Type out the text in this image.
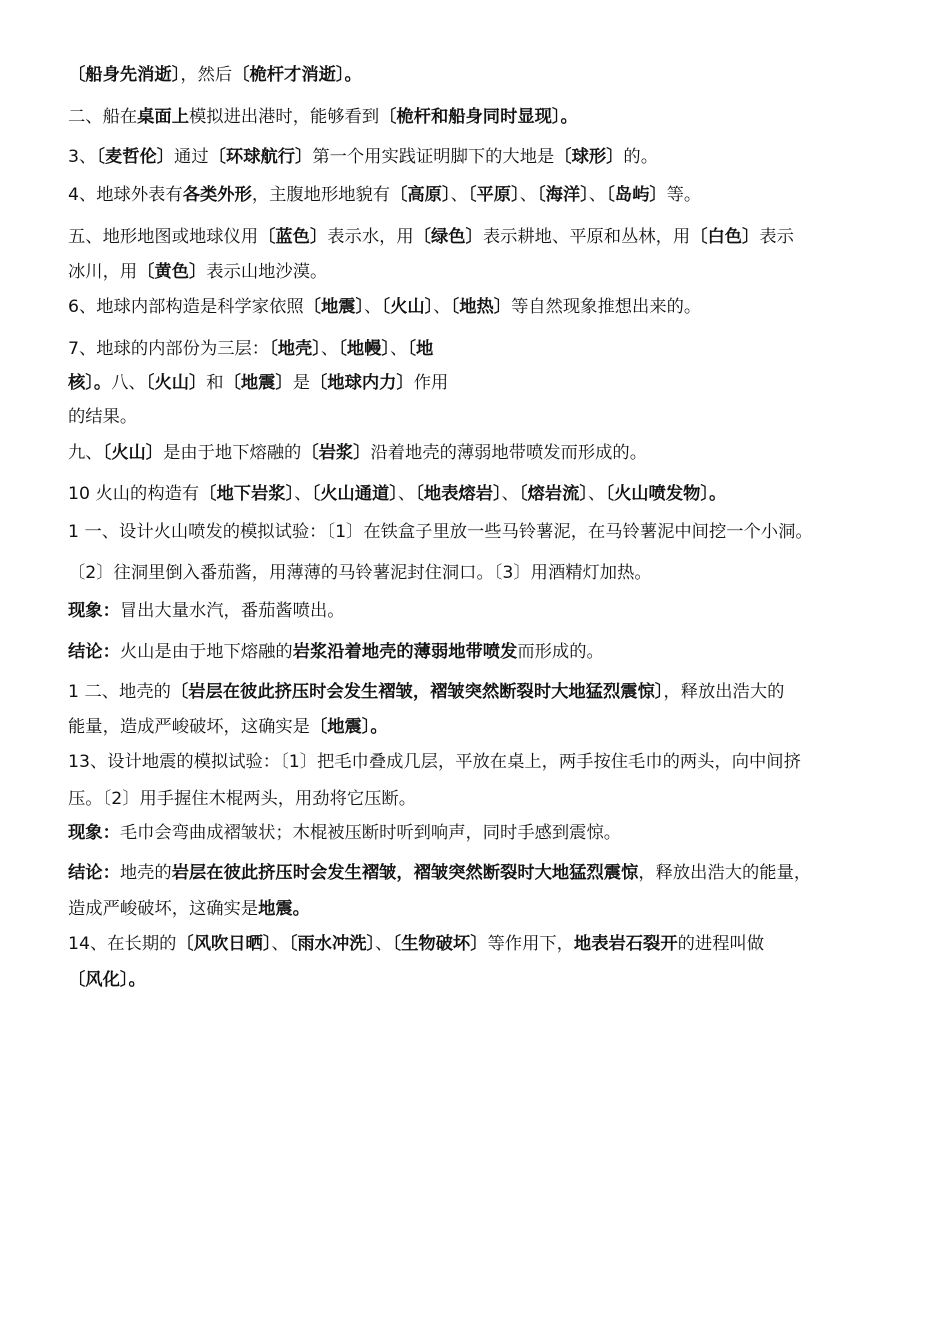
〔船身先消逝〕，然后〔桅杆才消逝〕。
二、船在桌面上模拟进出港时，能够看到〔桅杆和船身同时显现〕。
3、〔麦哲伦〕通过〔环球航行〕第一个用实践证明脚下的大地是〔球形〕的。
4、地球外表有各类外形，主腹地形地貌有〔高原〕、〔平原〕、〔海洋〕、〔岛屿〕等。
五、地形地图或地球仪用〔蓝色〕表示水，用〔绿色〕表示耕地、平原和丛林，用〔白色〕表示
冰川，用〔黄色〕表示山地沙漠。
6、地球内部构造是科学家依照〔地震〕、〔火山〕、〔地热〕等自然现象推想出来的。
7、地球的内部份为三层：〔地壳〕、〔地幔〕、〔地
核〕。八、〔火山〕和〔地震〕是〔地球内力〕作用
的结果。
九、〔火山〕是由于地下熔融的〔岩浆〕沿着地壳的薄弱地带喷发而形成的。
10 火山的构造有〔地下岩浆〕、〔火山通道〕、〔地表熔岩〕、〔熔岩流〕、〔火山喷发物〕。
1 一、设计火山喷发的模拟试验：〔1〕在铁盒子里放一些马铃薯泥，在马铃薯泥中间挖一个小洞。
〔2〕往洞里倒入番茄酱，用薄薄的马铃薯泥封住洞口。〔3〕用酒精灯加热。
现象：冒出大量水汽，番茄酱喷出。
结论：火山是由于地下熔融的岩浆沿着地壳的薄弱地带喷发而形成的。
1 二、地壳的〔岩层在彼此挤压时会发生褶皱，褶皱突然断裂时大地猛烈震惊〕，释放出浩大的
能量，造成严峻破坏，这确实是〔地震〕。
13、设计地震的模拟试验：〔1〕把毛巾叠成几层，平放在桌上，两手按住毛巾的两头，向中间挤
压。〔2〕用手握住木棍两头，用劲将它压断。
现象：毛巾会弯曲成褶皱状；木棍被压断时听到响声，同时手感到震惊。
结论：地壳的岩层在彼此挤压时会发生褶皱，褶皱突然断裂时大地猛烈震惊，释放出浩大的能量，
造成严峻破坏，这确实是地震。
14、在长期的〔风吹日晒〕、〔雨水冲洗〕、〔生物破坏〕等作用下，地表岩石裂开的进程叫做
〔风化〕。
